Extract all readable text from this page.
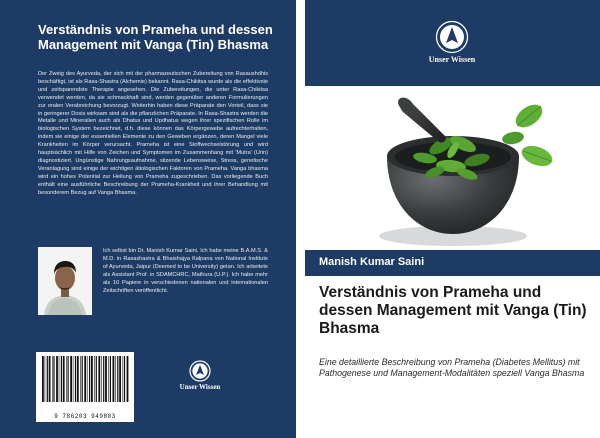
Verständnis von Prameha und dessen Management mit Vanga (Tin) Bhasma
Der Zweig des Ayurveda, der sich mit der pharmazeutischen Zubereitung von Rasaushdhis beschäftigt, ist als Rasa-Shastra (Alchemie) bekannt. Rasa-Chikitsa wurde als die effektivste und zeitsparendste Therapie angesehen. Die Zubereitungen, die unter Rasa-Chikitsa verwendet werden, da sie schmackhaft sind, werden gegenüber anderen Formulierungen zur oralen Verabreichung bevorzugt. Weiterhin haben diese Präparate den Vorteil, dass sie in geringerer Dosis wirksam sind als die pflanzlichen Präparate. In Rasa-Shastra werden die Metalle und Mineralien auch als Dhatus und Updhatus wegen ihrer spezifischen Rolle im biologischen System bezeichnet, d.h. diese können das Körpergewebe aufrechterhalten, indem sie einige der essentiellen Elemente zu den Geweben ergänzen, deren Mangel viele Krankheiten im Körper verursacht. Prameha ist eine Stoffwechselstörung und wird hauptsächlich mit Hilfe von Zeichen und Symptomen im Zusammenhang mit 'Mutra' (Urin) diagnostiziert. Ungünstige Nahrungsaufnahme, sitzende Lebensweise, Stress, genetische Veranlagung sind einige der wichtigen ätiologischen Faktoren von Prameha. Vanga bhasma wird ein hohes Potential zur Heilung von Prameha zugeschrieben. Das vorliegende Buch enthält eine ausführliche Beschreibung der Prameha-Krankheit und ihrer Behandlung mit besonderem Bezug auf Vanga Bhasma.
Ich selbst bin Dr. Manish Kumar Saini. Ich habe meine B.A.M.S. & M.D. in Rasashastra & Bhaishajya Kalpana von National Institute of Ayurveda, Jaipur (Deemed to be University) getan. Ich arbeitete als Assistant Prof. in SDAMCHRC, Mathura (U.P.). Ich habe mehr als 10 Papiere in verschiedenen nationalen und internationalen Zeitschriften veröffentlicht.
9 786203 949803
Unser Wissen
Unser Wissen
Manish Kumar Saini
Verständnis von Prameha und dessen Management mit Vanga (Tin) Bhasma
Eine detaillierte Beschreibung von Prameha (Diabetes Mellitus) mit Pathogenese und Management-Modalitäten speziell Vanga Bhasma
